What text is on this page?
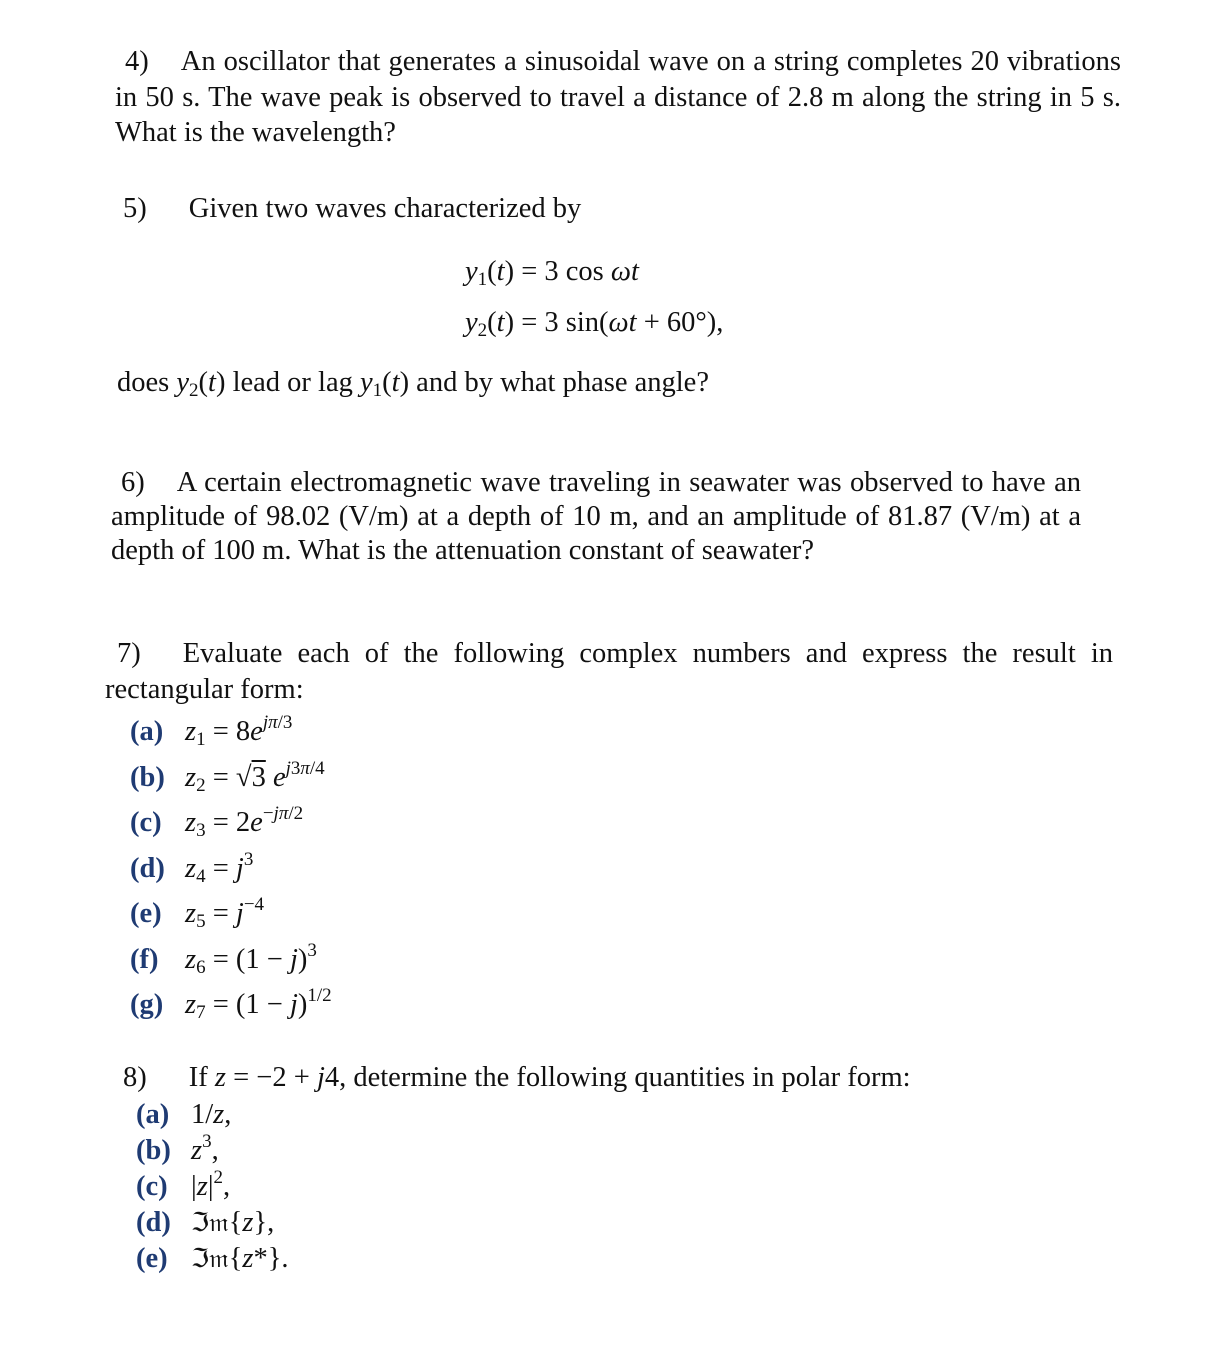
4) An oscillator that generates a sinusoidal wave on a string completes 20 vibrations in 50 s. The wave peak is observed to travel a distance of 2.8 m along the string in 5 s. What is the wavelength?
5) Given two waves characterized by
$y_1(t) = 3$ cos ωt
$y_2(t) = 3$ sin(ωt + 60°),
does $y_2(t)$ lead or lag $y_1(t)$ and by what phase angle?
6) A certain electromagnetic wave traveling in seawater was observed to have an amplitude of 98.02 (V/m) at a depth of 10 m, and an amplitude of 81.87 (V/m) at a depth of 100 m. What is the attenuation constant of seawater?
7) Evaluate each of the following complex numbers and express the result in rectangular form:
(a) $z_1 = 8e^{j\pi/3}$
(b) $z_2 = √3$ $e^{j3\pi/4}$
(c) $z_3 = 2e^{-j\pi/2}$
(d) $z_4 = j^3$
(e) $z_5 = j^{-4}$
(f) $z_6 = (1 - j)^3$
(g) $z_7 = (1 - j)^{1/2}$
8) If z = −2 + j4, determine the following quantities in polar form:
(a) 1/z,
(b) $z^3$,
(c) $|z|^2$,
(d) ℑ𝔪{z},
(e) ℑ𝔪{z*}.
